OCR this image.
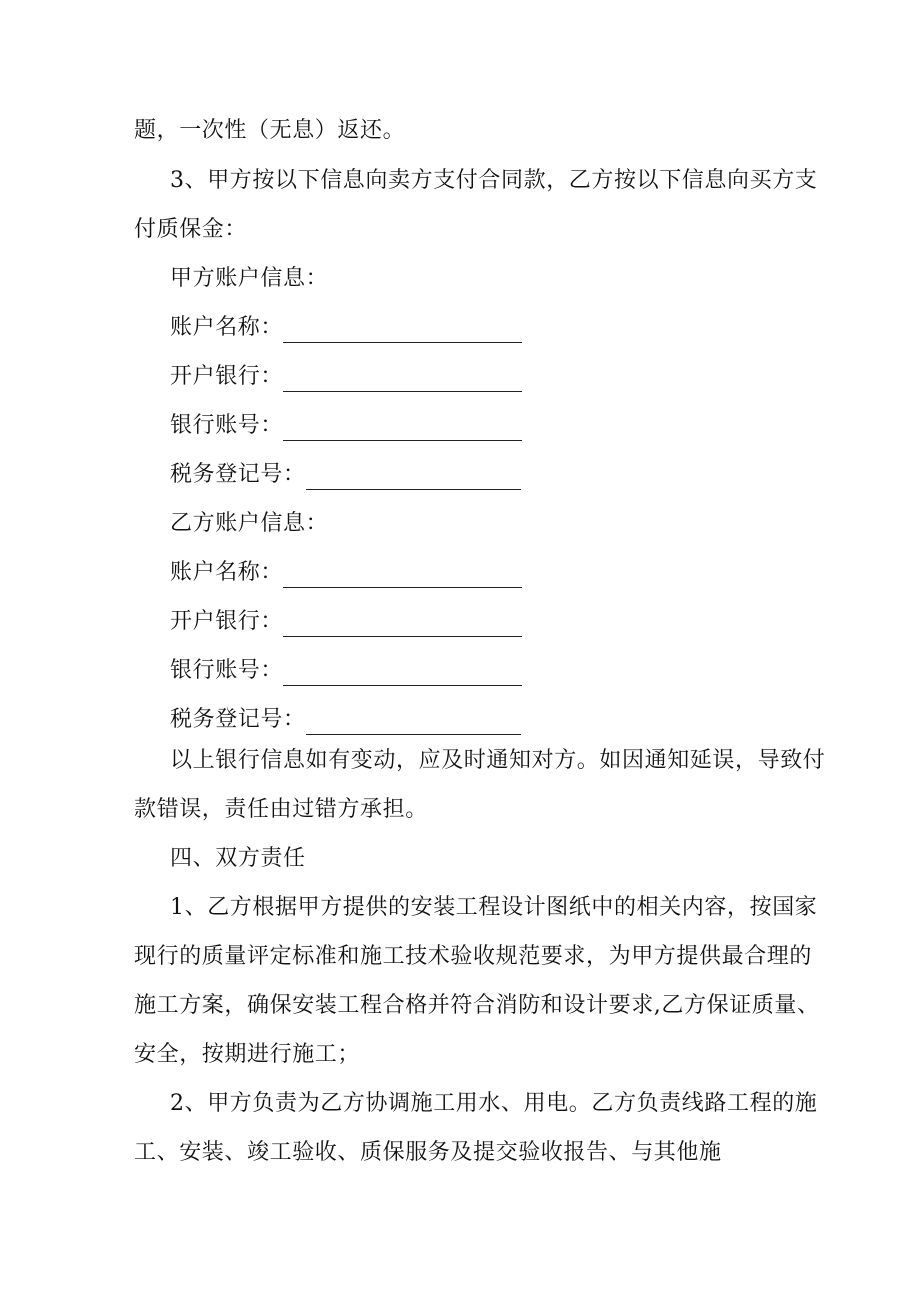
题，一次性（无息）返还。
3、甲方按以下信息向卖方支付合同款，乙方按以下信息向买方支
付质保金：
甲方账户信息：
账户名称：
开户银行：
银行账号：
税务登记号：
乙方账户信息：
账户名称：
开户银行：
银行账号：
税务登记号：
以上银行信息如有变动，应及时通知对方。如因通知延误，导致付
款错误，责任由过错方承担。
四、双方责任
1、乙方根据甲方提供的安装工程设计图纸中的相关内容，按国家
现行的质量评定标准和施工技术验收规范要求，为甲方提供最合理的
施工方案，确保安装工程合格并符合消防和设计要求,乙方保证质量、
安全，按期进行施工；
2、甲方负责为乙方协调施工用水、用电。乙方负责线路工程的施
工、安装、竣工验收、质保服务及提交验收报告、与其他施
